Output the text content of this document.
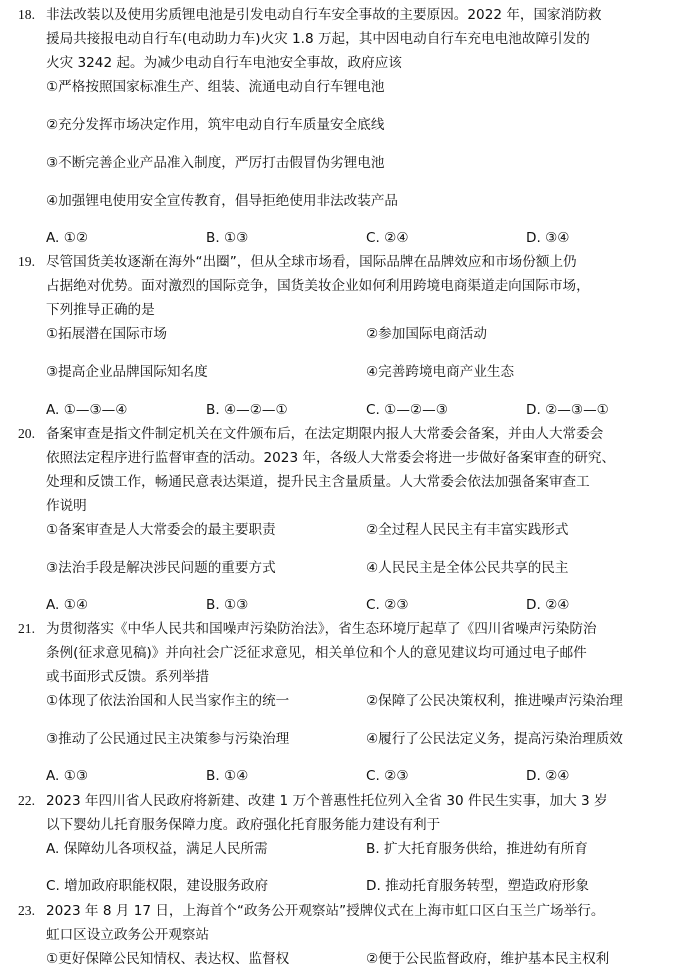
18. 非法改装以及使用劣质锂电池是引发电动自行车安全事故的主要原因。2022 年，国家消防救
援局共接报电动自行车(电动助力车)火灾 1.8 万起，其中因电动自行车充电电池故障引发的
火灾 3242 起。为减少电动自行车电池安全事故，政府应该
①严格按照国家标准生产、组装、流通电动自行车锂电池
②充分发挥市场决定作用，筑牢电动自行车质量安全底线
③不断完善企业产品准入制度，严厉打击假冒伪劣锂电池
④加强锂电使用安全宣传教育，倡导拒绝使用非法改装产品
A. ①②	B. ①③	C. ②④	D. ③④
19. 尽管国货美妆逐渐在海外“出圈”，但从全球市场看，国际品牌在品牌效应和市场份额上仍
占据绝对优势。面对激烈的国际竞争，国货美妆企业如何利用跨境电商渠道走向国际市场，
下列推导正确的是
①拓展潜在国际市场	②参加国际电商活动
③提高企业品牌国际知名度	④完善跨境电商产业生态
A. ①—③—④	B. ④—②—①	C. ①—②—③	D. ②—③—①
20. 备案审查是指文件制定机关在文件颁布后，在法定期限内报人大常委会备案，并由人大常委会
依照法定程序进行监督审查的活动。2023 年，各级人大常委会将进一步做好备案审查的研究、
处理和反馈工作，畅通民意表达渠道，提升民主含量质量。人大常委会依法加强备案审查工
作说明
①备案审查是人大常委会的最主要职责	②全过程人民民主有丰富实践形式
③法治手段是解决涉民问题的重要方式	④人民民主是全体公民共享的民主
A. ①④	B. ①③	C. ②③	D. ②④
21. 为贯彻落实《中华人民共和国噪声污染防治法》，省生态环境厅起草了《四川省噪声污染防治
条例(征求意见稿)》并向社会广泛征求意见，相关单位和个人的意见建议均可通过电子邮件
或书面形式反馈。系列举措
①体现了依法治国和人民当家作主的统一	②保障了公民决策权利，推进噪声污染治理
③推动了公民通过民主决策参与污染治理	④履行了公民法定义务，提高污染治理质效
A. ①③	B. ①④	C. ②③	D. ②④
22. 2023 年四川省人民政府将新建、改建 1 万个普惠性托位列入全省 30 件民生实事，加大 3 岁
以下婴幼儿托育服务保障力度。政府强化托育服务能力建设有利于
A. 保障幼儿各项权益，满足人民所需	B. 扩大托育服务供给，推进幼有所育
C. 增加政府职能权限，建设服务政府	D. 推动托育服务转型，塑造政府形象
23. 2023 年 8 月 17 日，上海首个“政务公开观察站”授牌仪式在上海市虹口区白玉兰广场举行。
虹口区设立政务公开观察站
①更好保障公民知情权、表达权、监督权	②便于公民监督政府，维护基本民主权利
